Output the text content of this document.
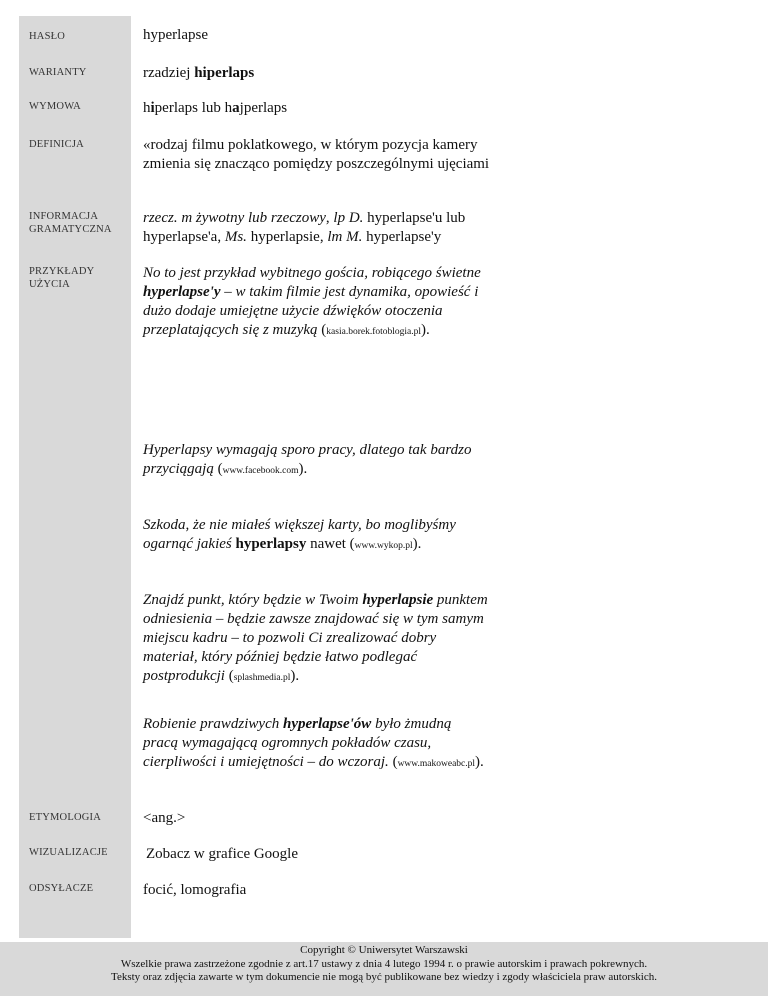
HASŁO
WARIANTY
WYMOWA
DEFINICJA
INFORMACJA
GRAMATYCZNA
PRZYKŁADY
UŻYCIA
ETYMOLOGIA
WIZUALIZACJE
ODSYŁACZE
hyperlapse
rzadziej hiperlaps
hiperlaps lub hajperlaps
«rodzaj filmu poklatkowego, w którym pozycja kamery zmienia się znacząco pomiędzy poszczególnymi ujęciami
rzecz. m żywotny lub rzeczowy, lp D. hyperlapse'u lub hyperlapse'a, Ms. hyperlapsie, lm M. hyperlapse'y
No to jest przykład wybitnego gościa, robiącego świetne hyperlapse'y – w takim filmie jest dynamika, opowieść i dużo dodaje umiejętne użycie dźwięków otoczenia przeplatających się z muzyką (kasia.borek.fotoblogia.pl).
Hyperlapsy wymagają sporo pracy, dlatego tak bardzo przyciągają (www.facebook.com).
Szkoda, że nie miałeś większej karty, bo moglibyśmy ogarnąć jakieś hyperlapsy nawet (www.wykop.pl).
Znajdź punkt, który będzie w Twoim hyperlapsie punktem odniesienia – będzie zawsze znajdować się w tym samym miejscu kadru – to pozwoli Ci zrealizować dobry materiał, który później będzie łatwo podlegać postprodukcji (splashmedia.pl).
Robienie prawdziwych hyperlapse'ów było żmudną pracą wymagającą ogromnych pokładów czasu, cierpliwości i umiejętności – do wczoraj. (www.makoweabc.pl).
<ang.>
Zobacz w grafice Google
focić, lomografia
Copyright © Uniwersytet Warszawski
Wszelkie prawa zastrzeżone zgodnie z art.17 ustawy z dnia 4 lutego 1994 r. o prawie autorskim i prawach pokrewnych.
Teksty oraz zdjęcia zawarte w tym dokumencie nie mogą być publikowane bez wiedzy i zgody właściciela praw autorskich.
